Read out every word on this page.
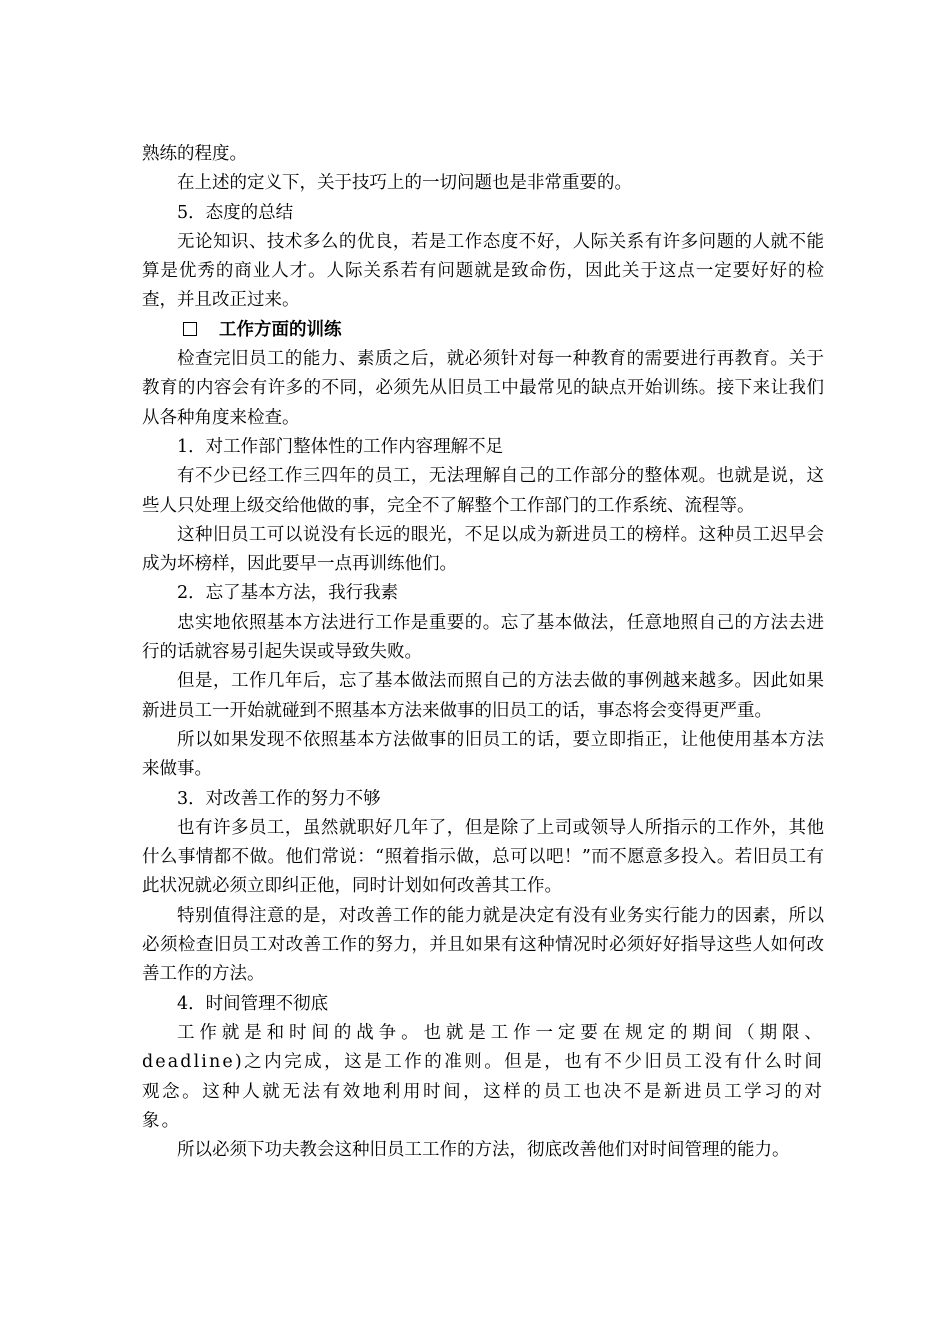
熟练的程度。

在上述的定义下，关于技巧上的一切问题也是非常重要的。

5．态度的总结

无论知识、技术多么的优良，若是工作态度不好，人际关系有许多问题的人就不能算是优秀的商业人才。人际关系若有问题就是致命伤，因此关于这点一定要好好的检查，并且改正过来。

工作方面的训练

检查完旧员工的能力、素质之后，就必须针对每一种教育的需要进行再教育。关于教育的内容会有许多的不同，必须先从旧员工中最常见的缺点开始训练。接下来让我们从各种角度来检查。

1．对工作部门整体性的工作内容理解不足

有不少已经工作三四年的员工，无法理解自己的工作部分的整体观。也就是说，这些人只处理上级交给他做的事，完全不了解整个工作部门的工作系统、流程等。

这种旧员工可以说没有长远的眼光，不足以成为新进员工的榜样。这种员工迟早会成为坏榜样，因此要早一点再训练他们。

2．忘了基本方法，我行我素

忠实地依照基本方法进行工作是重要的。忘了基本做法，任意地照自己的方法去进行的话就容易引起失误或导致失败。

但是，工作几年后，忘了基本做法而照自己的方法去做的事例越来越多。因此如果新进员工一开始就碰到不照基本方法来做事的旧员工的话，事态将会变得更严重。

所以如果发现不依照基本方法做事的旧员工的话，要立即指正，让他使用基本方法来做事。

3．对改善工作的努力不够

也有许多员工，虽然就职好几年了，但是除了上司或领导人所指示的工作外，其他什么事情都不做。他们常说：“照着指示做，总可以吧！”而不愿意多投入。若旧员工有此状况就必须立即纠正他，同时计划如何改善其工作。

特别值得注意的是，对改善工作的能力就是决定有没有业务实行能力的因素，所以必须检查旧员工对改善工作的努力，并且如果有这种情况时必须好好指导这些人如何改善工作的方法。

4．时间管理不彻底

工作就是和时间的战争。也就是工作一定要在规定的期间（期限、deadline)之内完成，这是工作的准则。但是，也有不少旧员工没有什么时间观念。这种人就无法有效地利用时间，这样的员工也决不是新进员工学习的对象。

所以必须下功夫教会这种旧员工工作的方法，彻底改善他们对时间管理的能力。
